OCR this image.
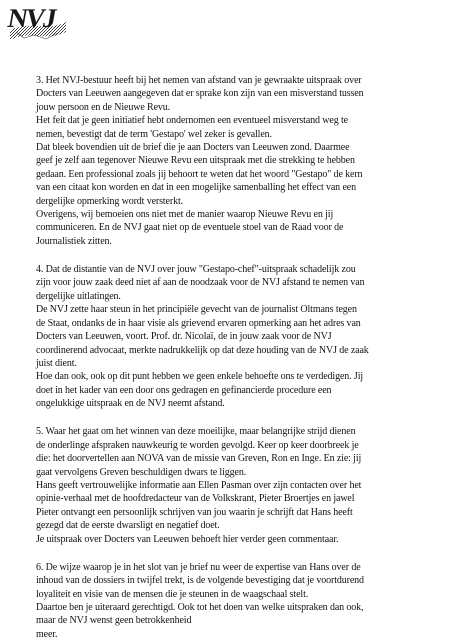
NVJ
3. Het NVJ-bestuur heeft bij het nemen van afstand van je gewraakte uitspraak over
Docters van Leeuwen aangegeven dat er sprake kon zijn van een misverstand tussen
jouw persoon en de Nieuwe Revu.
Het feit dat je geen initiatief hebt ondernomen een eventueel misverstand weg te
nemen, bevestigt dat de term 'Gestapo' wel zeker is gevallen.
Dat bleek bovendien uit de brief die je aan Docters van Leeuwen zond. Daarmee
geef je zelf aan tegenover Nieuwe Revu een uitspraak met die strekking te hebben
gedaan. Een professional zoals jij behoort te weten dat het woord "Gestapo" de kern
van een citaat kon worden en dat in een mogelijke samenballing het effect van een
dergelijke opmerking wordt versterkt.
Overigens, wij bemoeien ons niet met de manier waarop Nieuwe Revu en jij
communiceren. En de NVJ gaat niet op de eventuele stoel van de Raad voor de
Journalistiek zitten.
4. Dat de distantie van de NVJ over jouw "Gestapo-chef"-uitspraak schadelijk zou
zijn voor jouw zaak deed niet af aan de noodzaak voor de NVJ afstand te nemen van
dergelijke uitlatingen.
De NVJ zette haar steun in het principiële gevecht van de journalist Oltmans tegen
de Staat, ondanks de in haar visie als grievend ervaren opmerking aan het adres van
Docters van Leeuwen, voort. Prof. dr. Nicolaï, de in jouw zaak voor de NVJ
coordinerend advocaat, merkte nadrukkelijk op dat deze houding van de NVJ de zaak
juist dient.
Hoe dan ook, ook op dit punt hebben we geen enkele behoefte ons te verdedigen. Jij
doet in het kader van een door ons gedragen en gefinancierde procedure een
ongelukkige uitspraak en de NVJ neemt afstand.
5. Waar het gaat om het winnen van deze moeilijke, maar belangrijke strijd dienen
de onderlinge afspraken nauwkeurig te worden gevolgd. Keer op keer doorbreek je
die: het doorvertellen aan NOVA van de missie van Greven, Ron en Inge. En zie: jij
gaat vervolgens Greven beschuldigen dwars te liggen.
Hans geeft vertrouwelijke informatie aan Ellen Pasman over zijn contacten over het
opinie-verhaal met de hoofdredacteur van de Volkskrant, Pieter Broertjes en jawel
Pieter ontvangt een persoonlijk schrijven van jou waarin je schrijft dat Hans heeft
gezegd dat de eerste dwarsligt en negatief doet.
Je uitspraak over Docters van Leeuwen behoeft hier verder geen commentaar.
6. De wijze waarop je in het slot van je brief nu weer de expertise van Hans over de
inhoud van de dossiers in twijfel trekt, is de volgende bevestiging dat je voortdurend
loyaliteit en visie van de mensen die je steunen in de waagschaal stelt.
Daartoe ben je uiteraard gerechtigd. Ook tot het doen van welke uitspraken dan ook,
maar de NVJ wenst geen betrokkenheid
meer.
